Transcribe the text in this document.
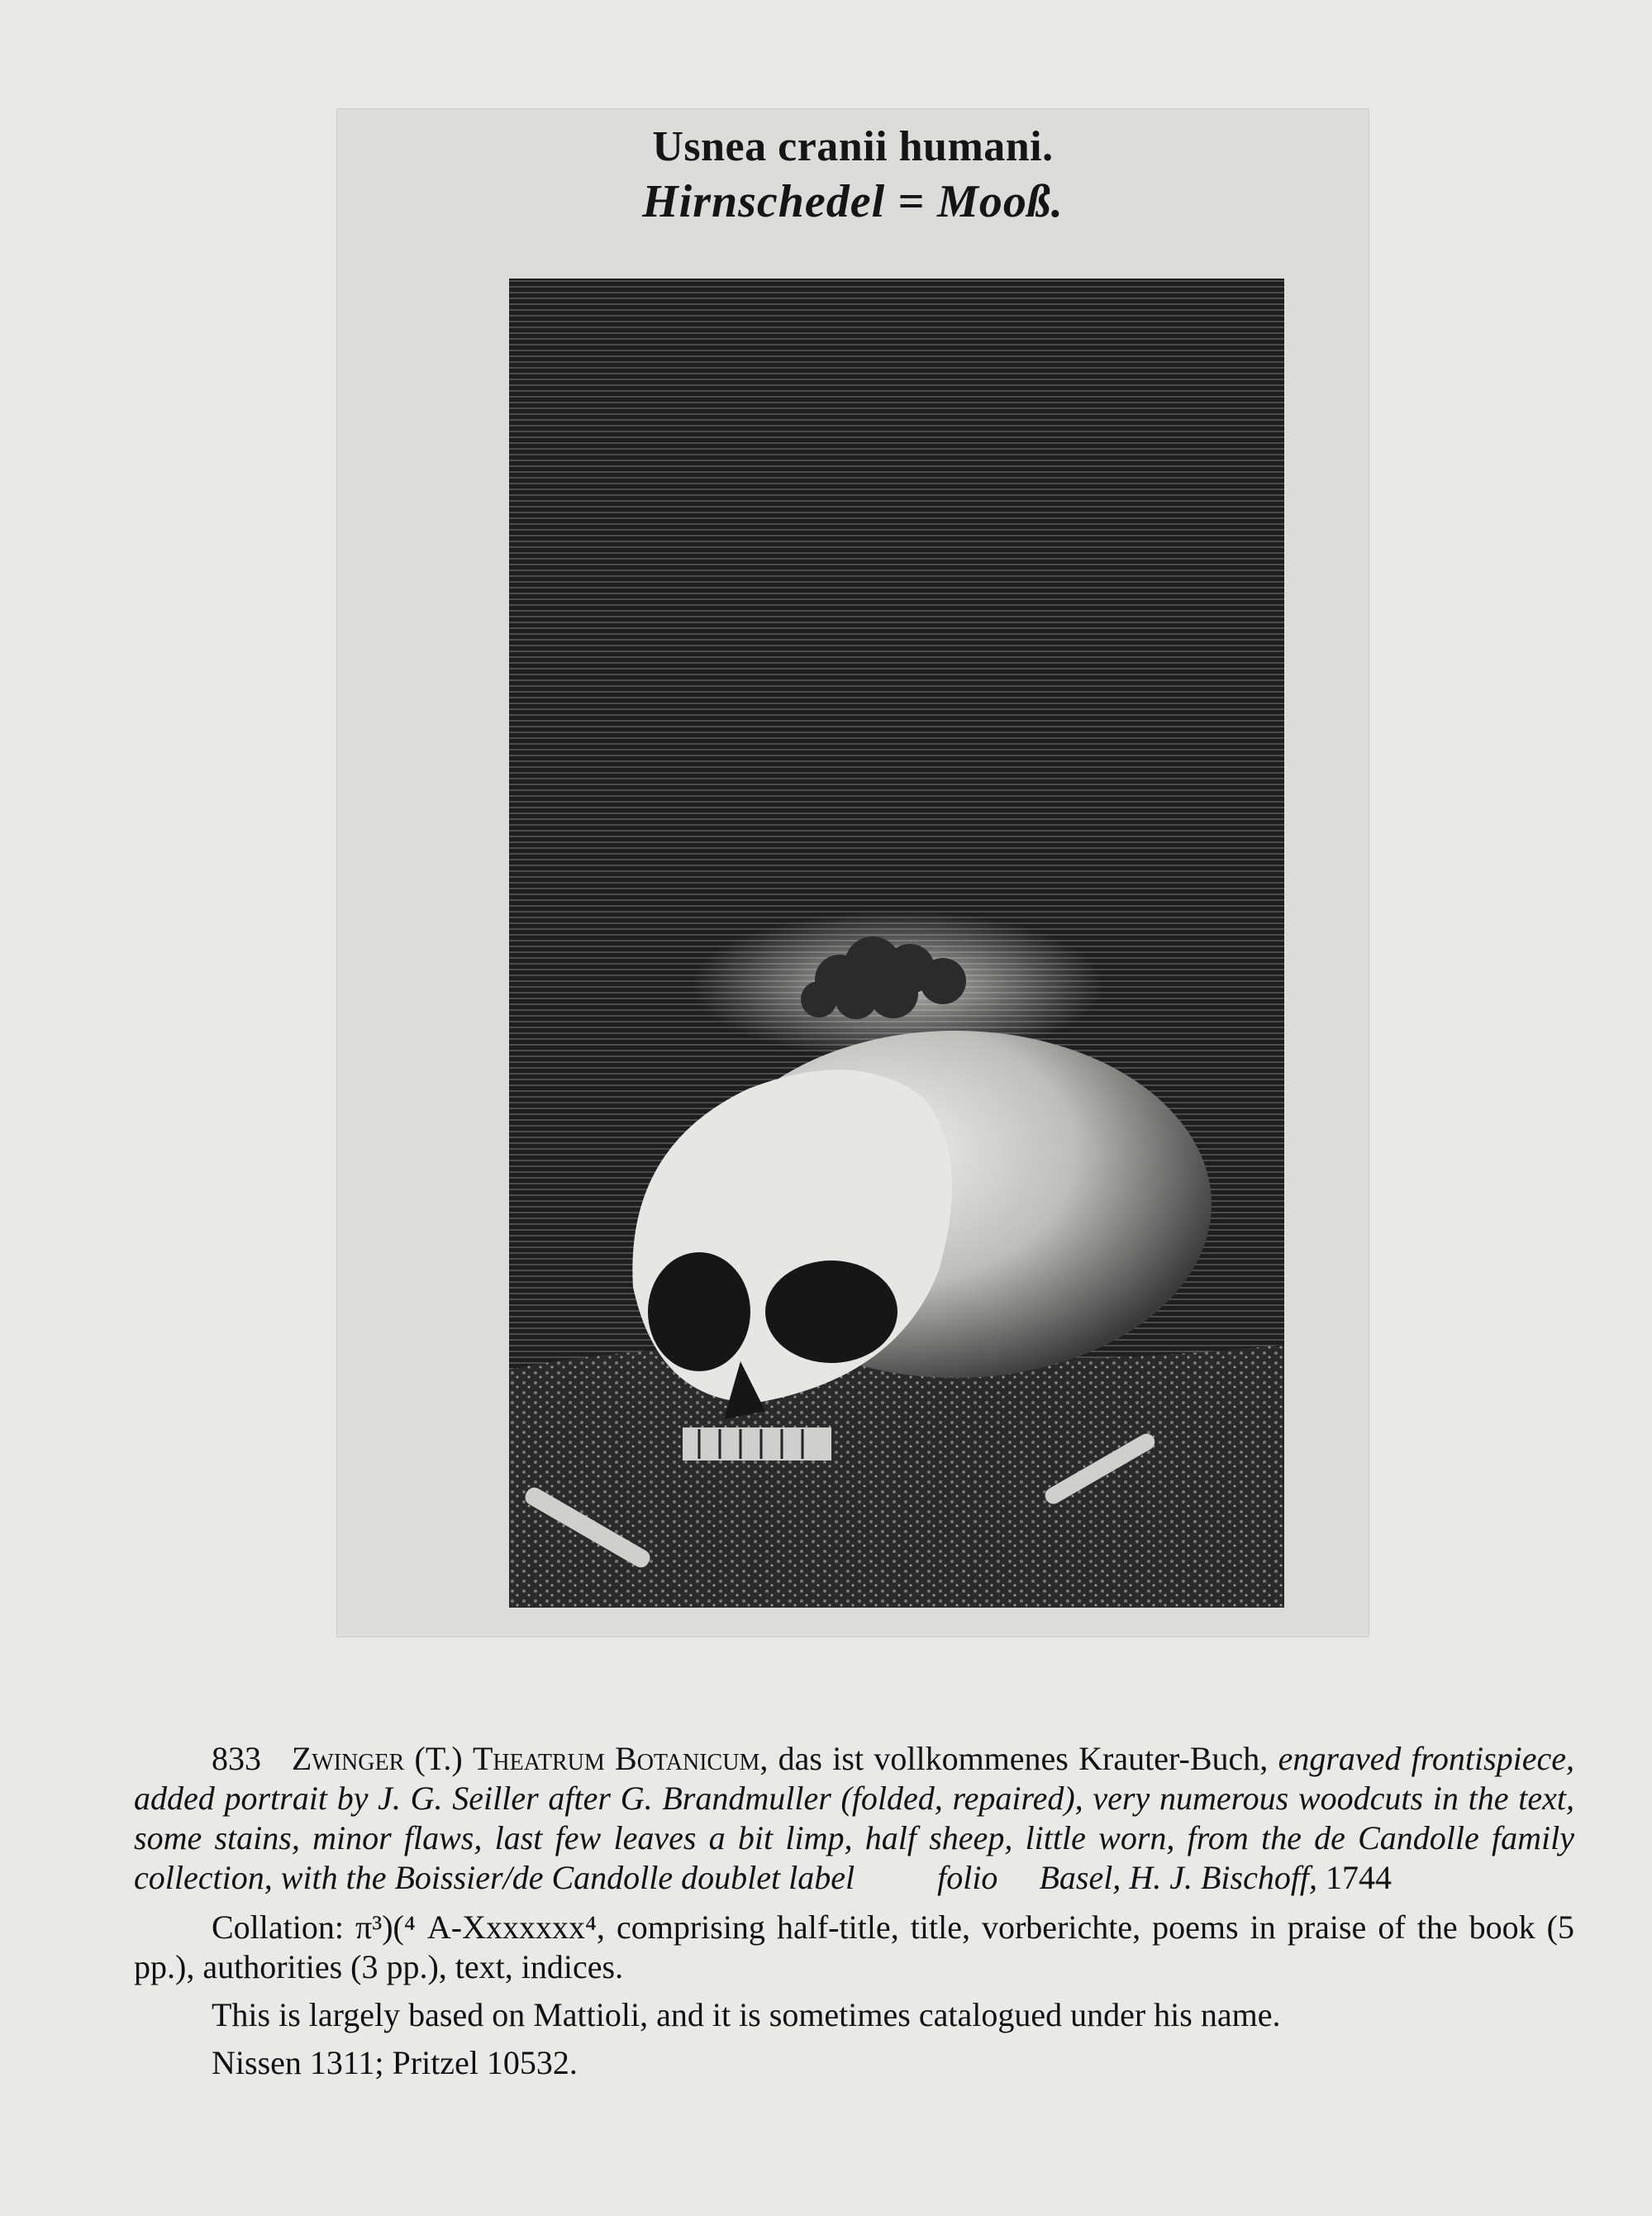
Usnea cranii humani.
Hirnschedel = Mooß.

833 Zwinger (T.) Theatrum Botanicum, das ist vollkommenes Krauter-Buch, engraved frontispiece, added portrait by J. G. Seiller after G. Brandmuller (folded, repaired), very numerous woodcuts in the text, some stains, minor flaws, last few leaves a bit limp, half sheep, little worn, from the de Candolle family collection, with the Boissier/de Candolle doublet label   	folio  Basel, H. J. Bischoff, 1744

Collation: π³)(⁴ A-Xxxxxxx⁴, comprising half-title, title, vorberichte, poems in praise of the book (5 pp.), authorities (3 pp.), text, indices.

This is largely based on Mattioli, and it is sometimes catalogued under his name.

Nissen 1311; Pritzel 10532.
